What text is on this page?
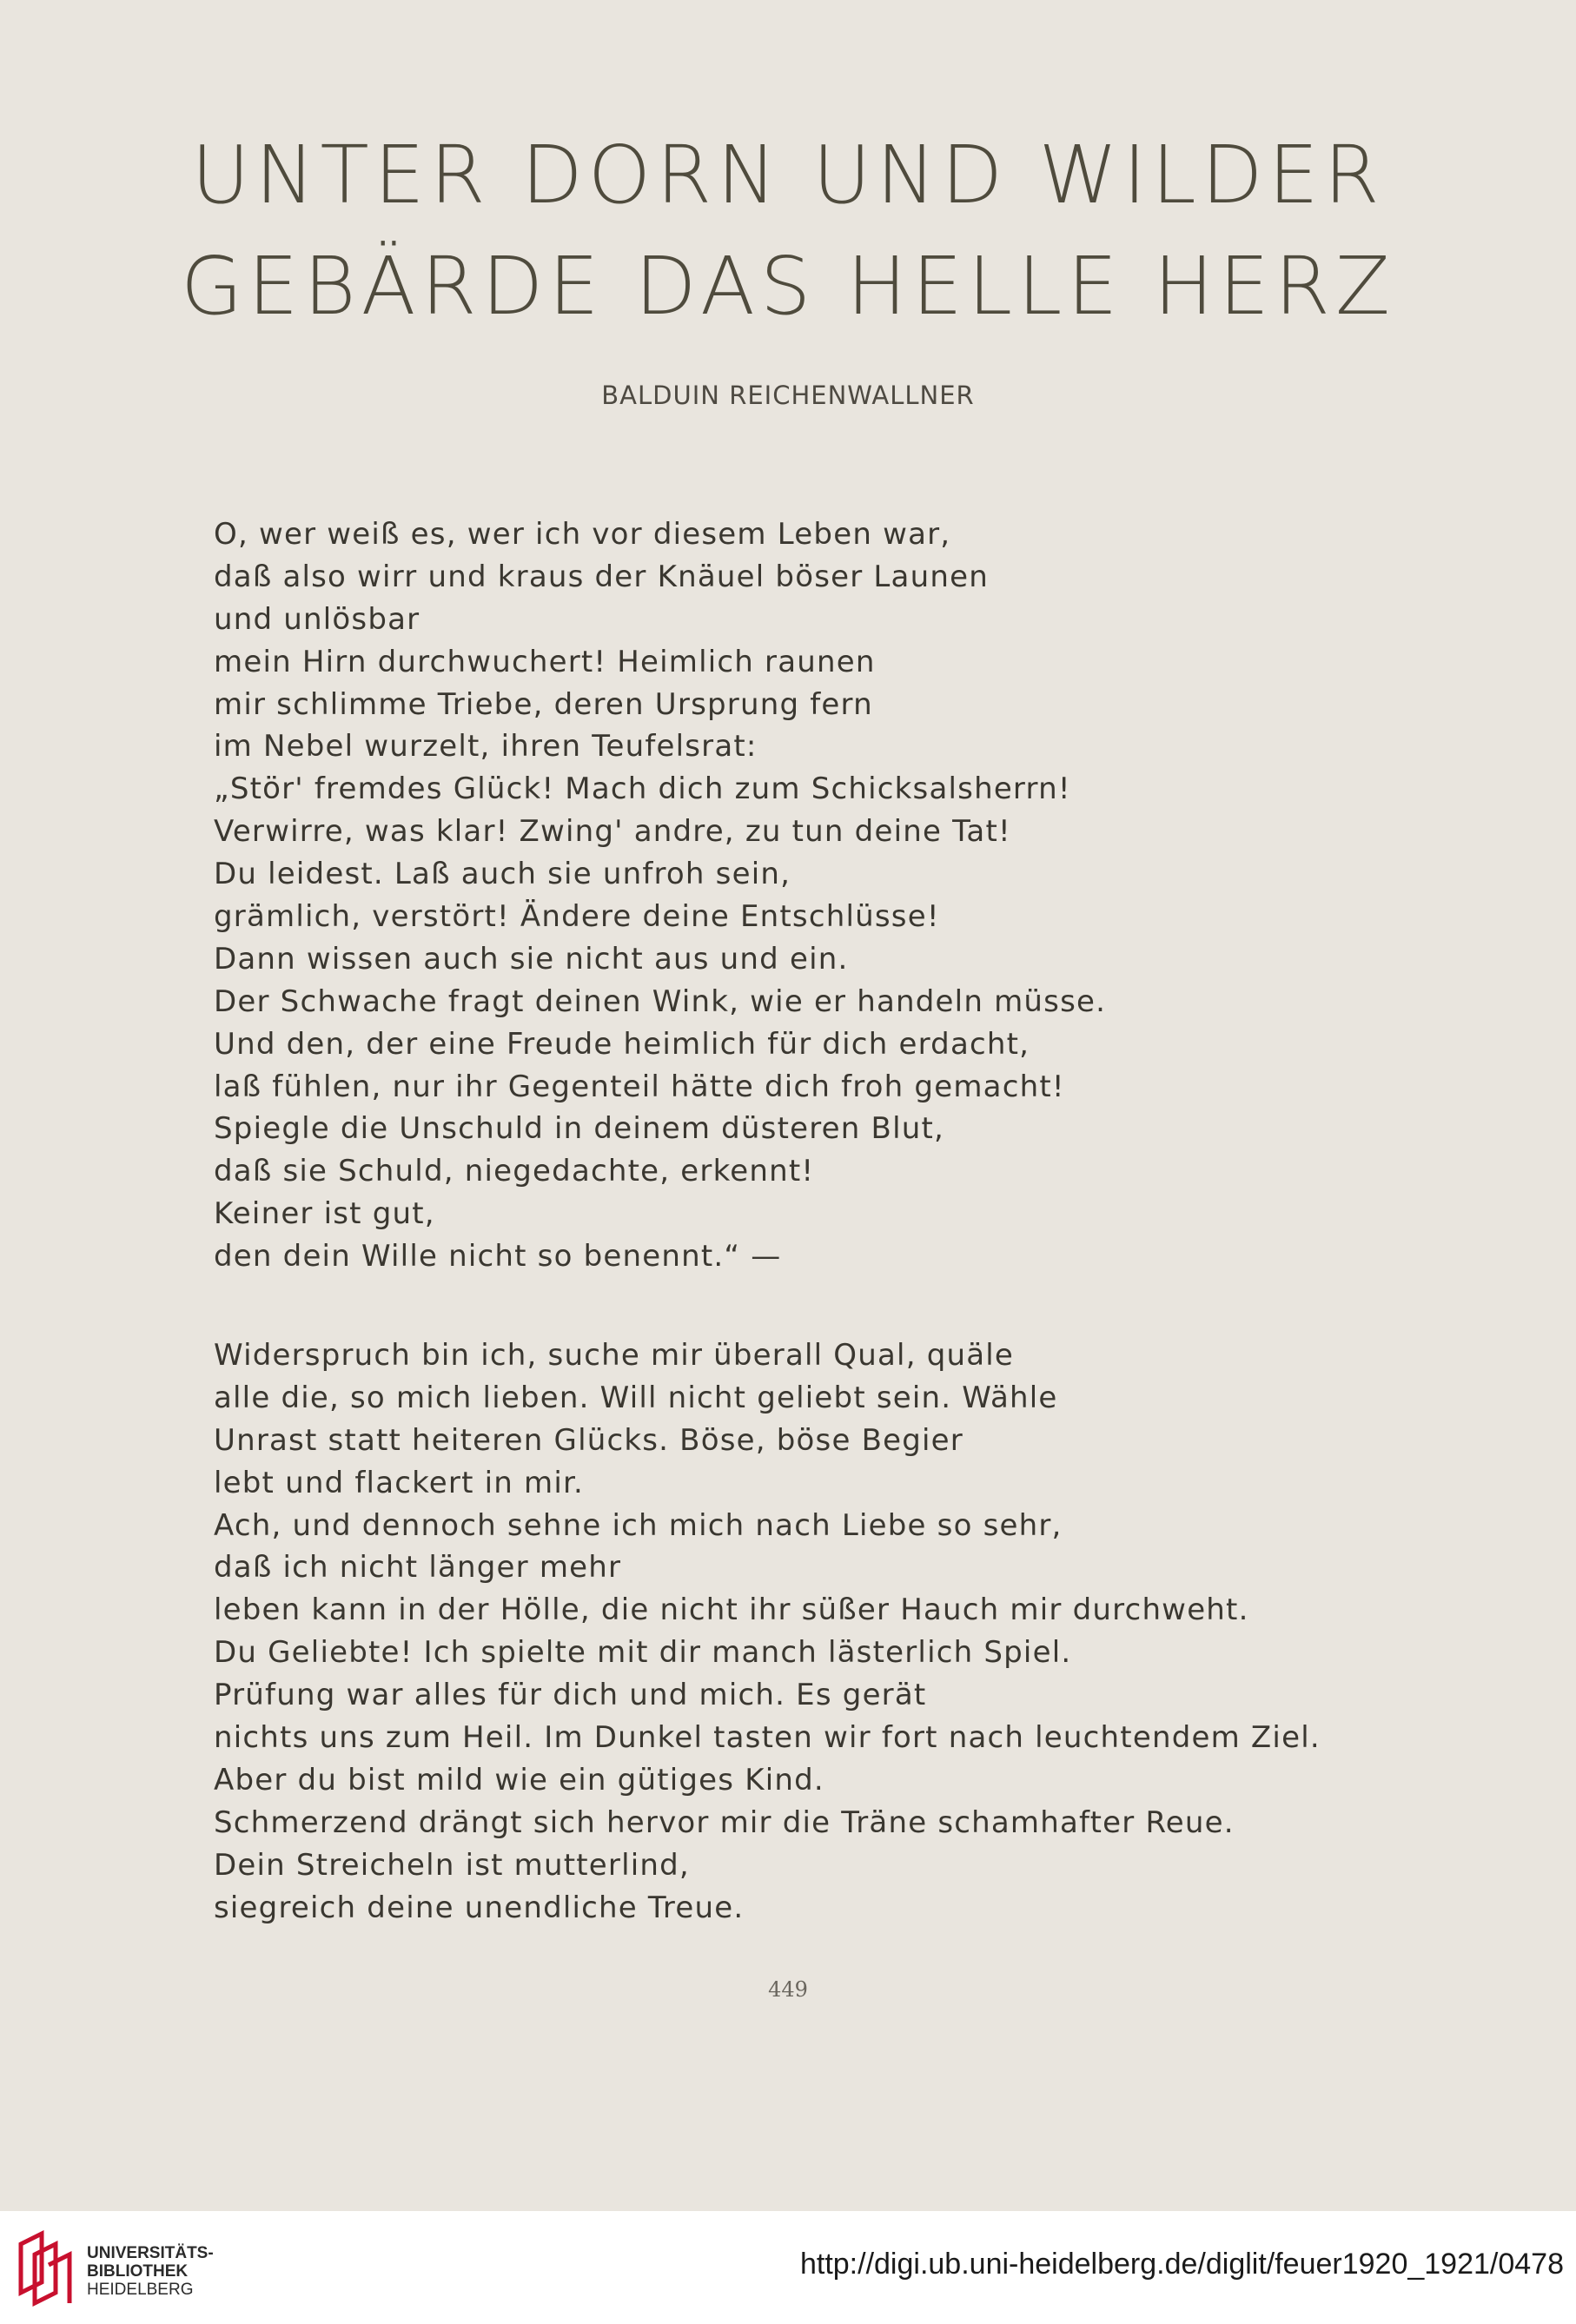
UNTER DORN UND WILDER
GEBÄRDE DAS HELLE HERZ
BALDUIN REICHENWALLNER
O, wer weiß es, wer ich vor diesem Leben war,
daß also wirr und kraus der Knäuel böser Launen
und unlösbar
mein Hirn durchwuchert! Heimlich raunen
mir schlimme Triebe, deren Ursprung fern
im Nebel wurzelt, ihren Teufelsrat:
„Stör' fremdes Glück! Mach dich zum Schicksalsherrn!
Verwirre, was klar! Zwing' andre, zu tun deine Tat!
Du leidest. Laß auch sie unfroh sein,
grämlich, verstört! Ändere deine Entschlüsse!
Dann wissen auch sie nicht aus und ein.
Der Schwache fragt deinen Wink, wie er handeln müsse.
Und den, der eine Freude heimlich für dich erdacht,
laß fühlen, nur ihr Gegenteil hätte dich froh gemacht!
Spiegle die Unschuld in deinem düsteren Blut,
daß sie Schuld, niegedachte, erkennt!
Keiner ist gut,
den dein Wille nicht so benennt.“ —
Widerspruch bin ich, suche mir überall Qual, quäle
alle die, so mich lieben. Will nicht geliebt sein. Wähle
Unrast statt heiteren Glücks. Böse, böse Begier
lebt und flackert in mir.
Ach, und dennoch sehne ich mich nach Liebe so sehr,
daß ich nicht länger mehr
leben kann in der Hölle, die nicht ihr süßer Hauch mir durchweht.
Du Geliebte! Ich spielte mit dir manch lästerlich Spiel.
Prüfung war alles für dich und mich. Es gerät
nichts uns zum Heil. Im Dunkel tasten wir fort nach leuchtendem Ziel.
Aber du bist mild wie ein gütiges Kind.
Schmerzend drängt sich hervor mir die Träne schamhafter Reue.
Dein Streicheln ist mutterlind,
siegreich deine unendliche Treue.
449
UNIVERSITÄTS-
BIBLIOTHEK
HEIDELBERG
http://digi.ub.uni-heidelberg.de/diglit/feuer1920_1921/0478
